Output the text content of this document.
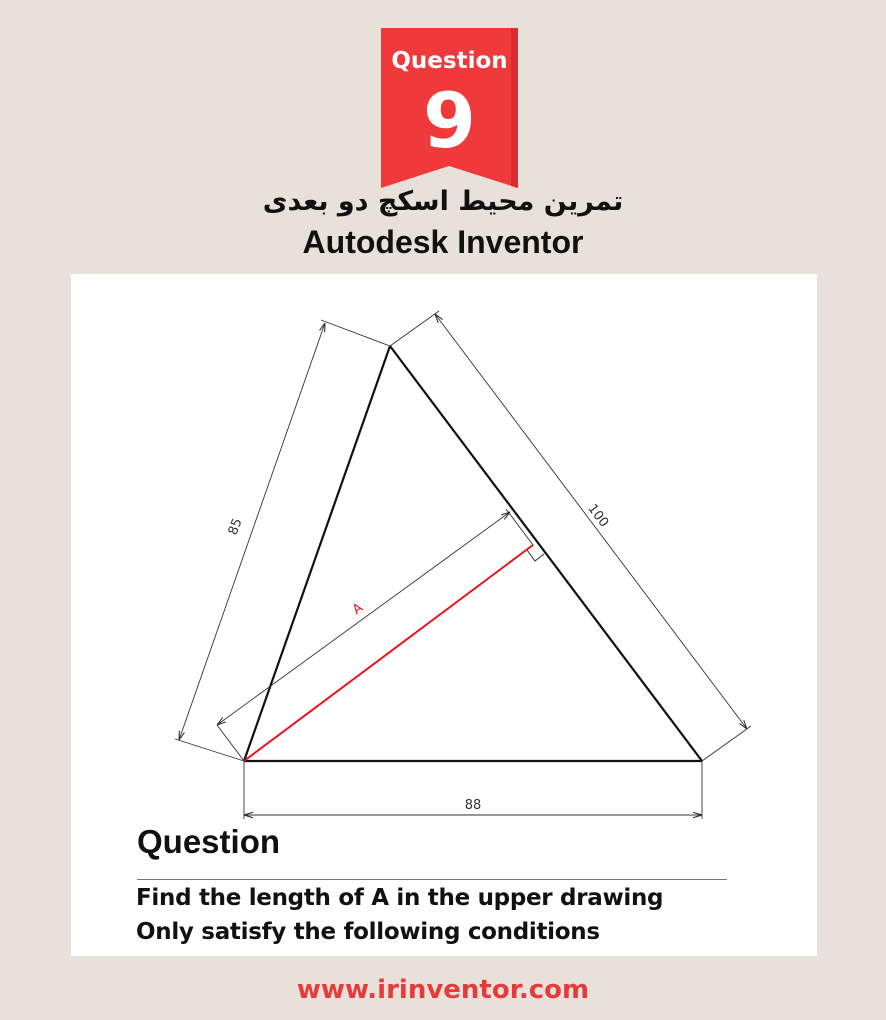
Question
9
تمرین محیط اسکچ دو بعدی
Autodesk Inventor
85	100
88
A
Question
Find the length of A in the upper drawing
Only satisfy the following conditions
www.irinventor.com
